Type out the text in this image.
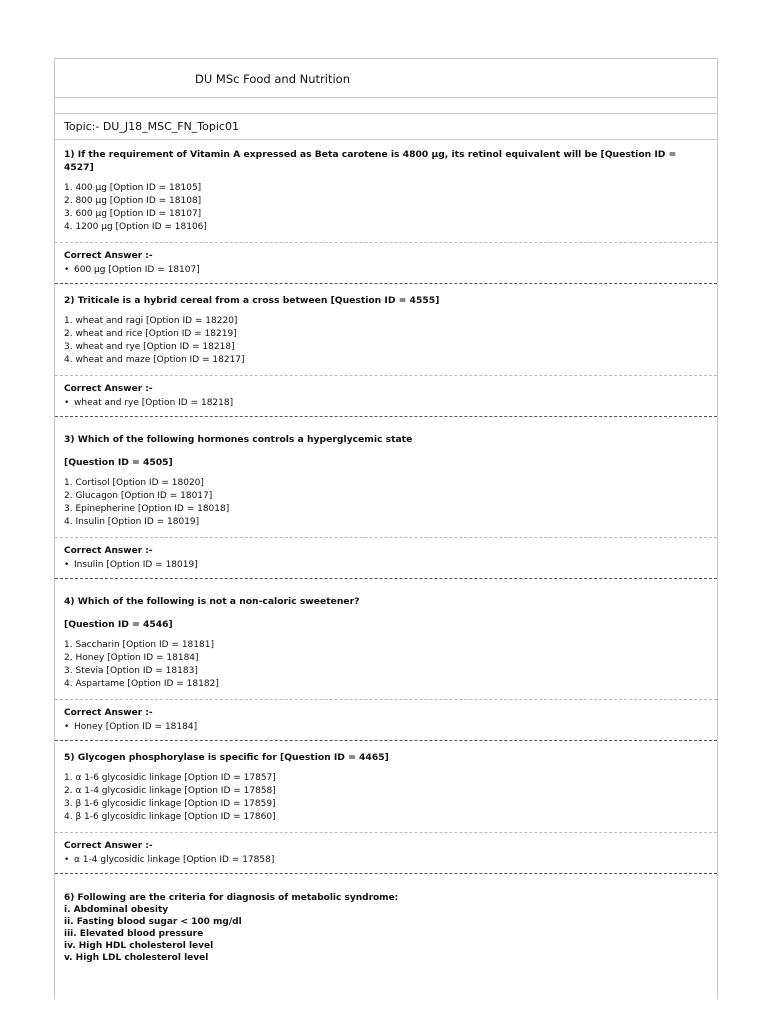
DU MSc Food and Nutrition
Topic:- DU_J18_MSC_FN_Topic01
1) If the requirement of Vitamin A expressed as Beta carotene is 4800 µg, its retinol equivalent will be [Question ID = 4527]
1. 400 µg [Option ID = 18105]
2. 800 µg [Option ID = 18108]
3. 600 µg [Option ID = 18107]
4. 1200 µg [Option ID = 18106]
Correct Answer :-
• 600 µg [Option ID = 18107]
2) Triticale is a hybrid cereal from a cross between [Question ID = 4555]
1. wheat and ragi [Option ID = 18220]
2. wheat and rice [Option ID = 18219]
3. wheat and rye [Option ID = 18218]
4. wheat and maze [Option ID = 18217]
Correct Answer :-
• wheat and rye [Option ID = 18218]
3) Which of the following hormones controls a hyperglycemic state
[Question ID = 4505]
1. Cortisol [Option ID = 18020]
2. Glucagon [Option ID = 18017]
3. Epinepherine [Option ID = 18018]
4. Insulin [Option ID = 18019]
Correct Answer :-
• Insulin [Option ID = 18019]
4) Which of the following is not a non-caloric sweetener?
[Question ID = 4546]
1. Saccharin [Option ID = 18181]
2. Honey [Option ID = 18184]
3. Stevia [Option ID = 18183]
4. Aspartame [Option ID = 18182]
Correct Answer :-
• Honey [Option ID = 18184]
5) Glycogen phosphorylase is specific for [Question ID = 4465]
1. α 1-6 glycosidic linkage [Option ID = 17857]
2. α 1-4 glycosidic linkage [Option ID = 17858]
3. β 1-6 glycosidic linkage [Option ID = 17859]
4. β 1-6 glycosidic linkage [Option ID = 17860]
Correct Answer :-
• α 1-4 glycosidic linkage [Option ID = 17858]
6) Following are the criteria for diagnosis of metabolic syndrome:
i. Abdominal obesity
ii. Fasting blood sugar < 100 mg/dl
iii. Elevated blood pressure
iv. High HDL cholesterol level
v. High LDL cholesterol level
